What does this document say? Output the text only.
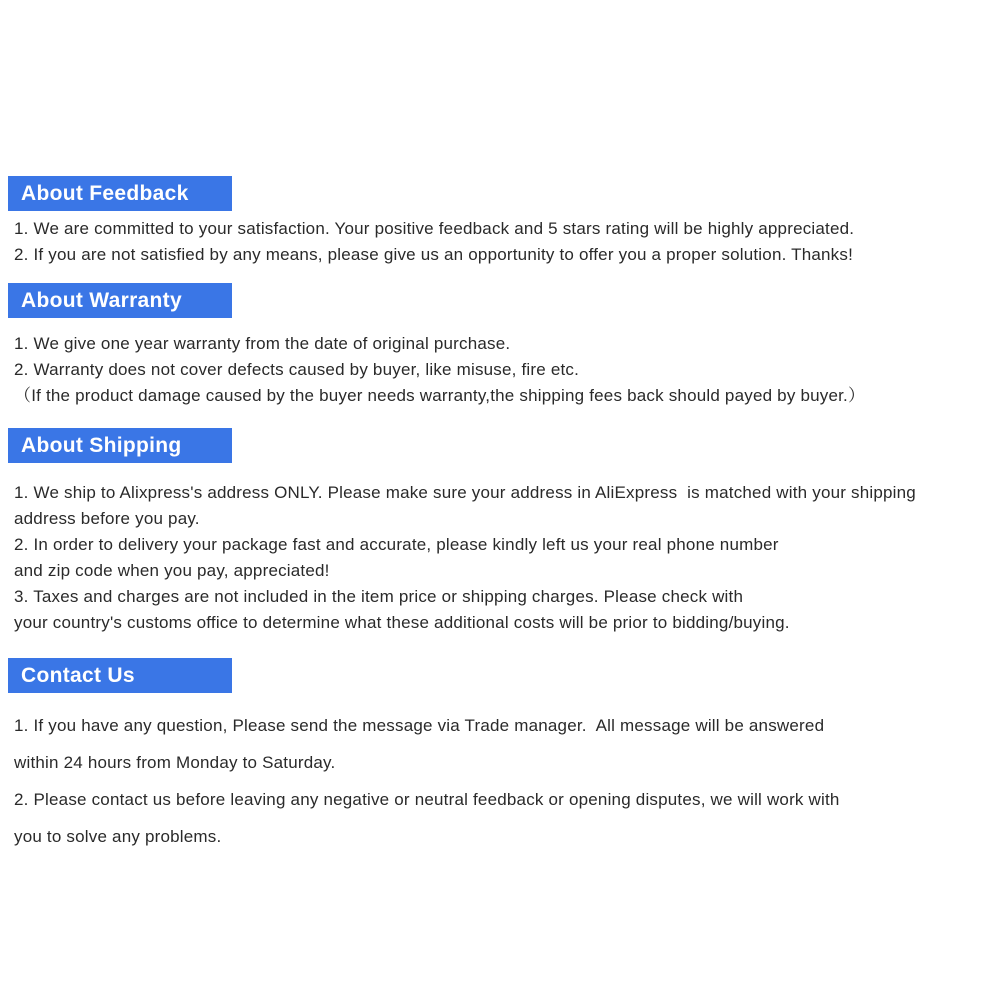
About Feedback
1. We are committed to your satisfaction. Your positive feedback and 5 stars rating will be highly appreciated.
2. If you are not satisfied by any means, please give us an opportunity to offer you a proper solution. Thanks!
About Warranty
1. We give one year warranty from the date of original purchase.
2. Warranty does not cover defects caused by buyer, like misuse, fire etc.
（If the product damage caused by the buyer needs warranty,the shipping fees back should payed by buyer.）
About Shipping
1. We ship to Alixpress's address ONLY. Please make sure your address in AliExpress  is matched with your shipping
address before you pay.
2. In order to delivery your package fast and accurate, please kindly left us your real phone number
and zip code when you pay, appreciated!
3. Taxes and charges are not included in the item price or shipping charges. Please check with
your country's customs office to determine what these additional costs will be prior to bidding/buying.
Contact Us
1. If you have any question, Please send the message via Trade manager.  All message will be answered
within 24 hours from Monday to Saturday.
2. Please contact us before leaving any negative or neutral feedback or opening disputes, we will work with
you to solve any problems.
